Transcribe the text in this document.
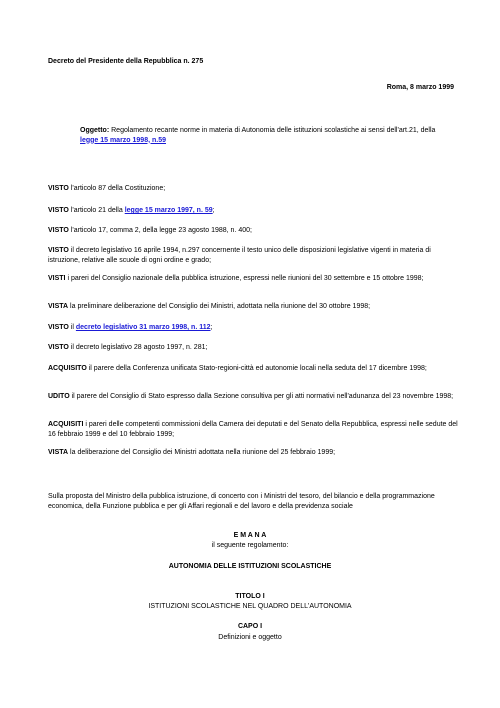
Decreto del Presidente della Repubblica n. 275
Roma, 8 marzo 1999
Oggetto: Regolamento recante norme in materia di Autonomia delle istituzioni scolastiche ai sensi dell'art.21, della legge 15 marzo 1998, n.59
VISTO l'articolo 87 della Costituzione;
VISTO l'articolo 21 della legge 15 marzo 1997, n. 59;
VISTO l'articolo 17, comma 2, della legge 23 agosto 1988, n. 400;
VISTO il decreto legislativo 16 aprile 1994, n.297 concernente il testo unico delle disposizioni legislative vigenti in materia di istruzione, relative alle scuole di ogni ordine e grado;
VISTI i pareri del Consiglio nazionale della pubblica istruzione, espressi nelle riunioni del 30 settembre e 15 ottobre 1998;
VISTA la preliminare deliberazione del Consiglio dei Ministri, adottata nella riunione del 30 ottobre 1998;
VISTO il decreto legislativo 31 marzo 1998, n. 112;
VISTO il decreto legislativo 28 agosto 1997, n. 281;
ACQUISITO il parere della Conferenza unificata Stato-regioni-città ed autonomie locali nella seduta del 17 dicembre 1998;
UDITO il parere del Consiglio di Stato espresso dalla Sezione consultiva per gli atti normativi nell'adunanza del 23 novembre 1998;
ACQUISITI i pareri delle competenti commissioni della Camera dei deputati e del Senato della Repubblica, espressi nelle sedute del 16 febbraio 1999 e del 10 febbraio 1999;
VISTA la deliberazione del Consiglio dei Ministri adottata nella riunione del 25 febbraio 1999;
Sulla proposta del Ministro della pubblica istruzione, di concerto con i Ministri del tesoro, del bilancio e della programmazione economica, della Funzione pubblica e per gli Affari regionali e del lavoro e della previdenza sociale
E M A N A
il seguente regolamento:
AUTONOMIA DELLE ISTITUZIONI SCOLASTICHE
TITOLO I
ISTITUZIONI SCOLASTICHE NEL QUADRO DELL'AUTONOMIA
CAPO I
Definizioni e oggetto
